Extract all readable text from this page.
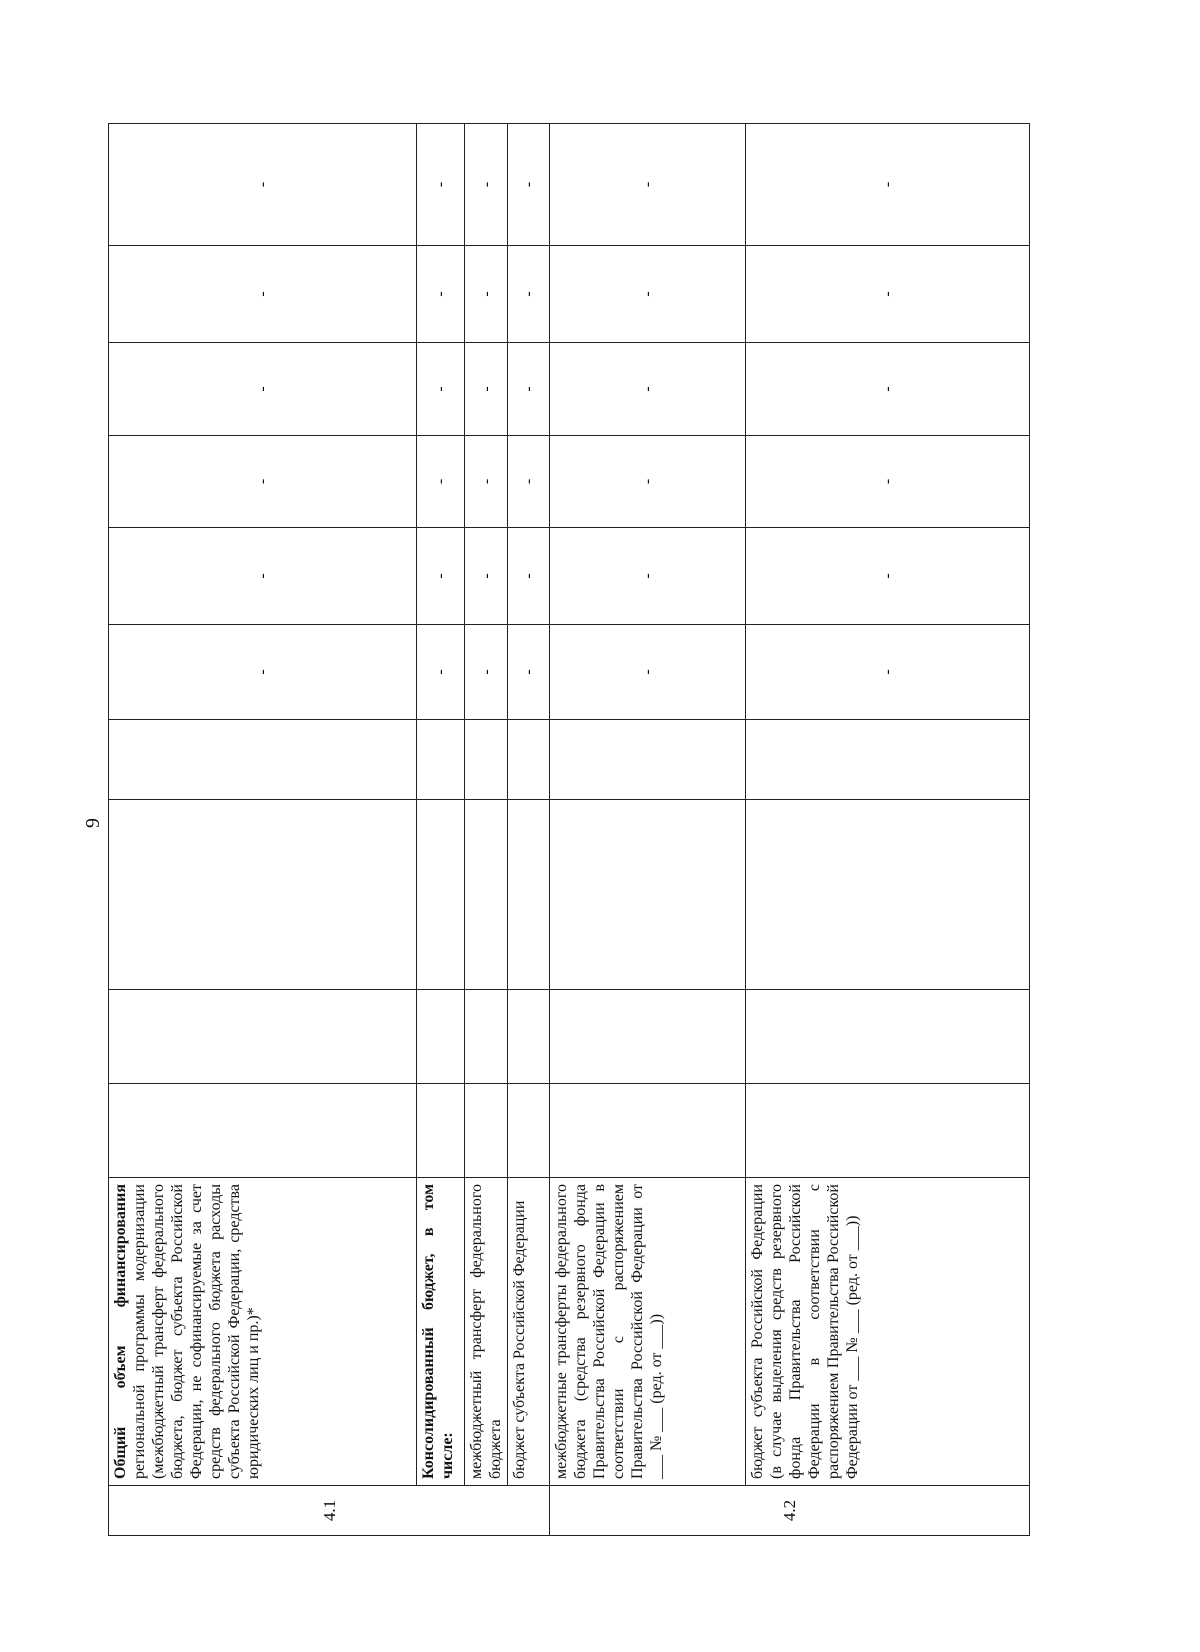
9
4.1	Общий объем финансирования региональной программы модернизации (межбюджетный трансферт федерального бюджета, бюджет субъекта Российской Федерации, не софинансируемые за счет средств федерального бюджета расходы субъекта Российской Федерации, средства юридических лиц и пр.)*					-	-	-	-	-	-
	Консолидированный бюджет, в том числе:					-	-	-	-	-	-
	межбюджетный трансферт федерального бюджета					-	-	-	-	-	-
	бюджет субъекта Российской Федерации					-	-	-	-	-	-
4.2	межбюджетные трансферты федерального бюджета (средства резервного фонда Правительства Российской Федерации в соответствии с распоряжением Правительства Российской Федерации от ___ № ___ (ред. от ___))					-	-	-	-	-	-
	бюджет субъекта Российской Федерации (в случае выделения средств резервного фонда Правительства Российской Федерации в соответствии с распоряжением Правительства Российской Федерации от ___ № ___ (ред. от ___))					-	-	-	-	-	-
